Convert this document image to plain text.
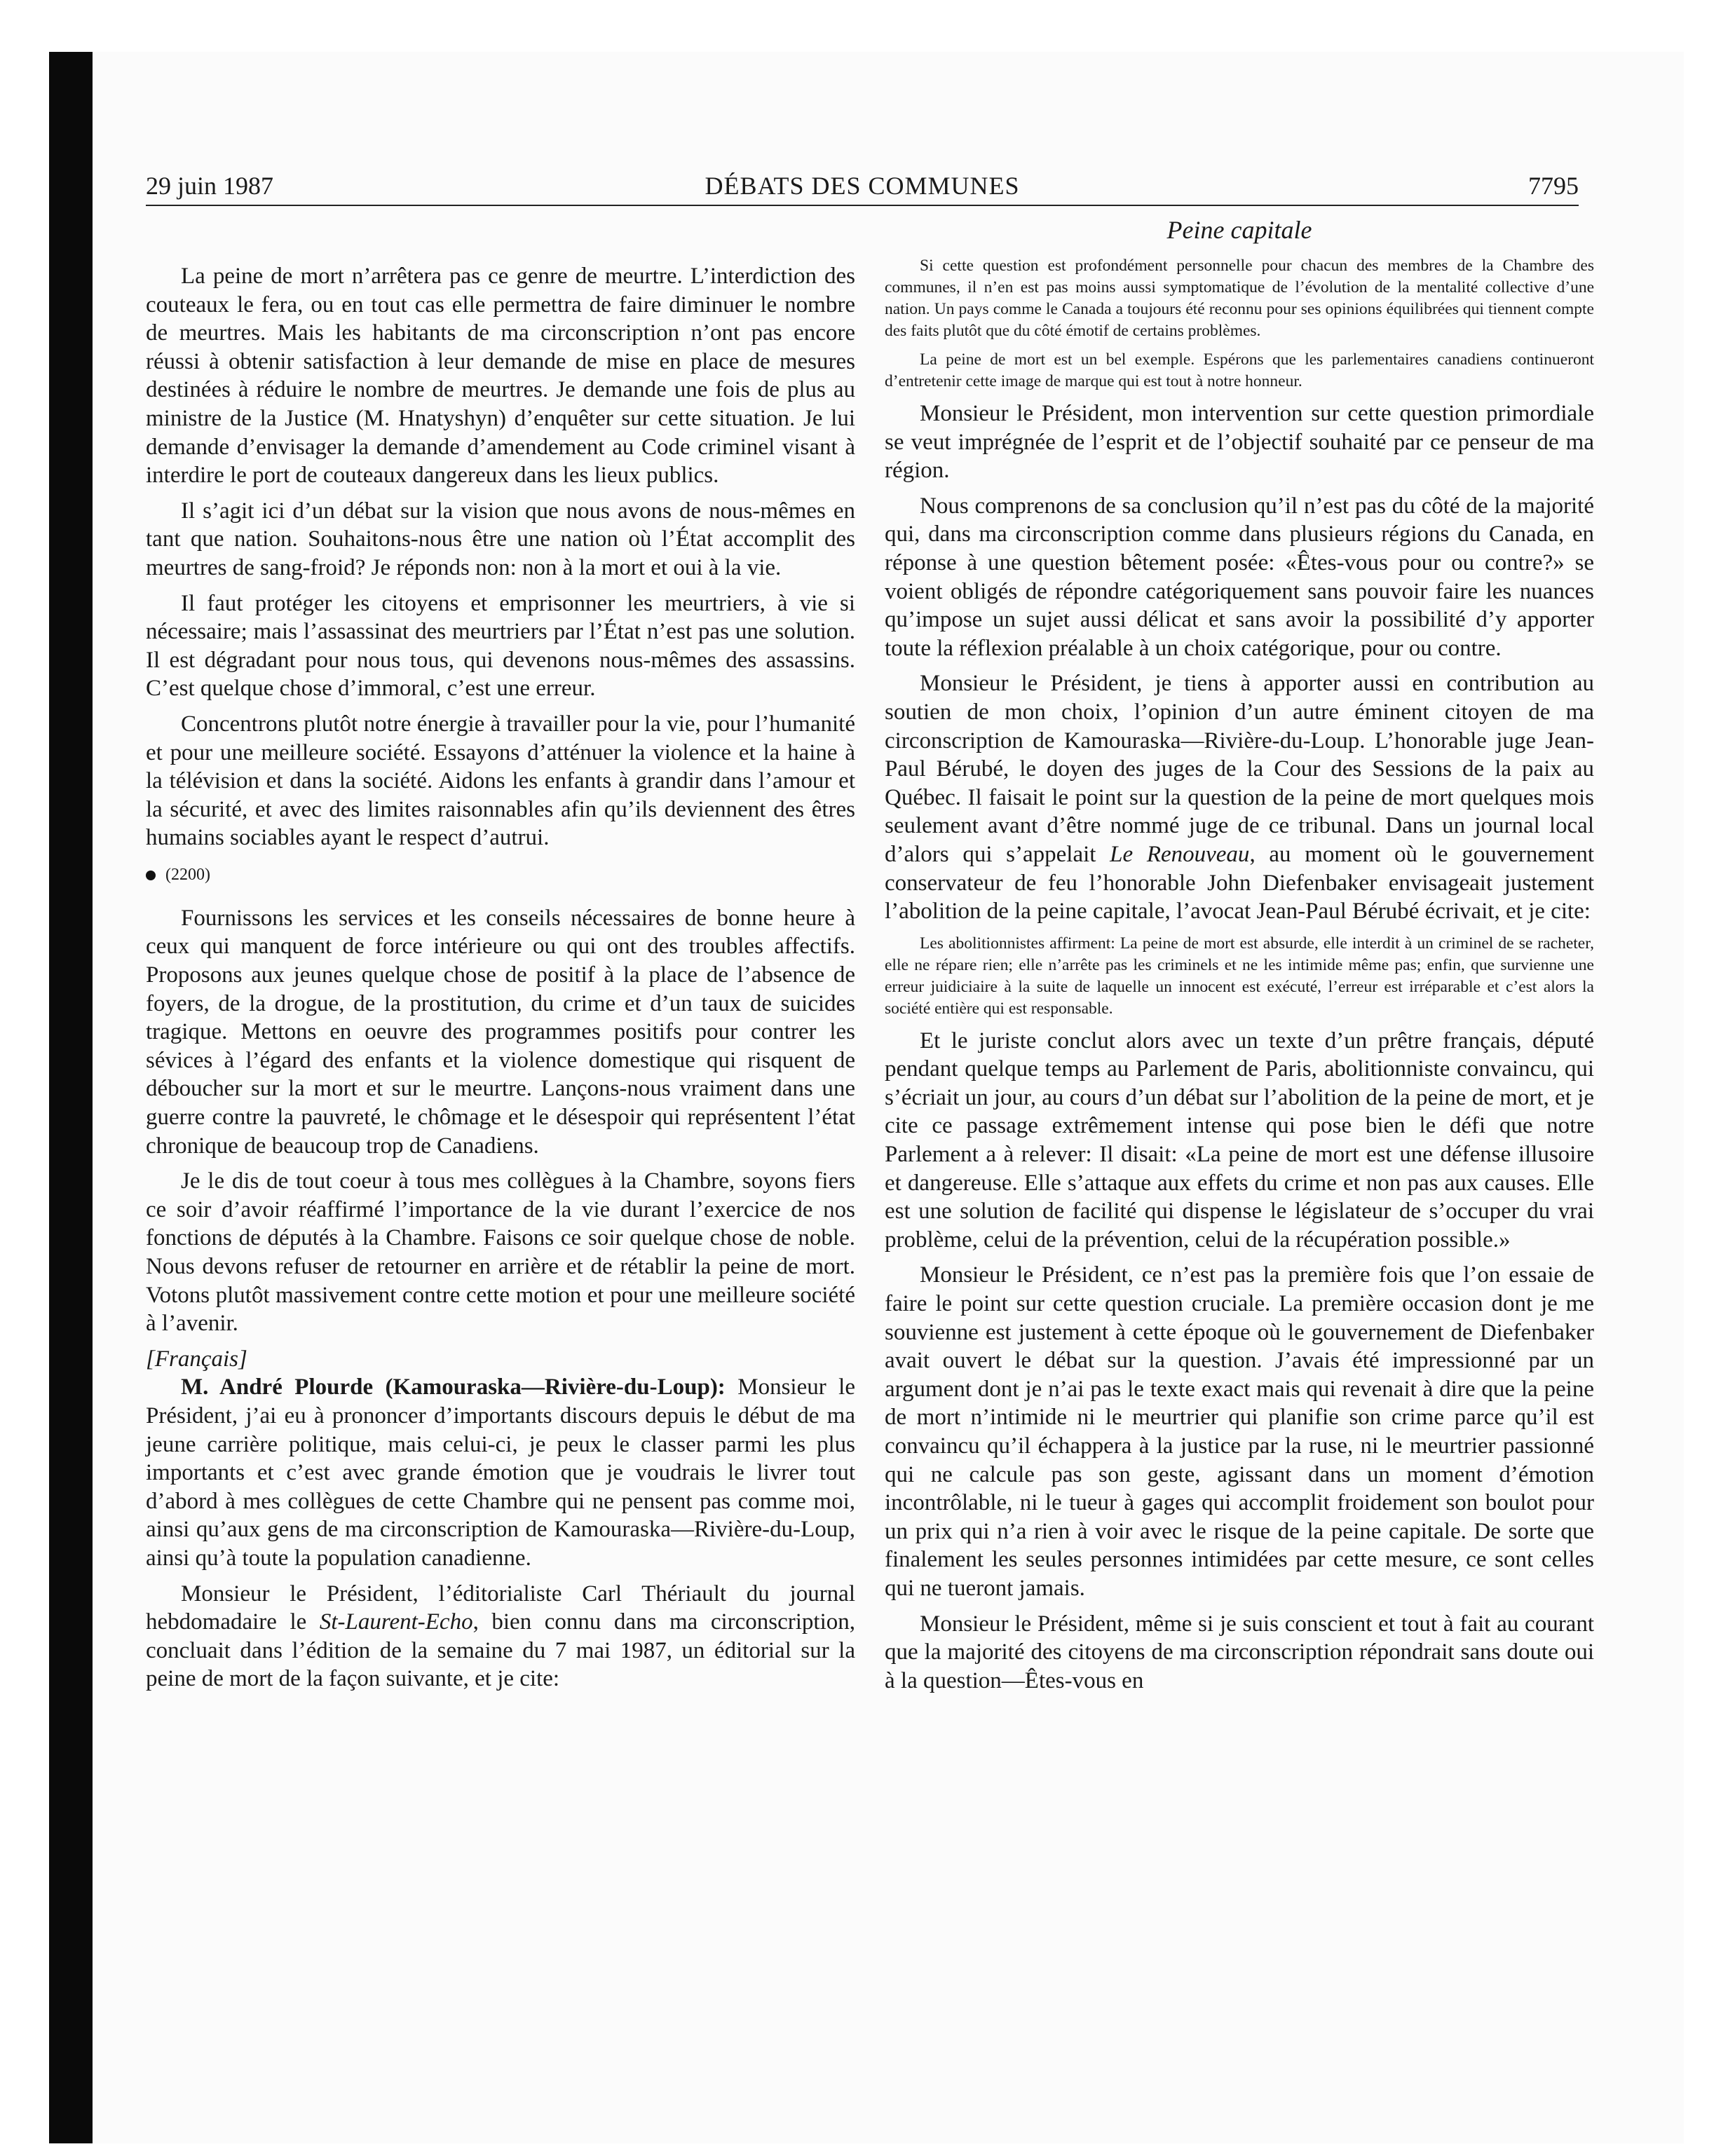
29 juin 1987	DÉBATS DES COMMUNES	7795

La peine de mort n’arrêtera pas ce genre de meurtre. L’interdiction des couteaux le fera, ou en tout cas elle permettra de faire diminuer le nombre de meurtres. Mais les habitants de ma circonscription n’ont pas encore réussi à obtenir satisfaction à leur demande de mise en place de mesures destinées à réduire le nombre de meurtres. Je demande une fois de plus au ministre de la Justice (M. Hnatyshyn) d’enquêter sur cette situation. Je lui demande d’envisager la demande d’amendement au Code criminel visant à interdire le port de couteaux dangereux dans les lieux publics.

Il s’agit ici d’un débat sur la vision que nous avons de nous-mêmes en tant que nation. Souhaitons-nous être une nation où l’État accomplit des meurtres de sang-froid? Je réponds non: non à la mort et oui à la vie.

Il faut protéger les citoyens et emprisonner les meurtriers, à vie si nécessaire; mais l’assassinat des meurtriers par l’État n’est pas une solution. Il est dégradant pour nous tous, qui devenons nous-mêmes des assassins. C’est quelque chose d’immoral, c’est une erreur.

Concentrons plutôt notre énergie à travailler pour la vie, pour l’humanité et pour une meilleure société. Essayons d’atténuer la violence et la haine à la télévision et dans la société. Aidons les enfants à grandir dans l’amour et la sécurité, et avec des limites raisonnables afin qu’ils deviennent des êtres humains sociables ayant le respect d’autrui.

(2200)

Fournissons les services et les conseils nécessaires de bonne heure à ceux qui manquent de force intérieure ou qui ont des troubles affectifs. Proposons aux jeunes quelque chose de positif à la place de l’absence de foyers, de la drogue, de la prostitution, du crime et d’un taux de suicides tragique. Mettons en oeuvre des programmes positifs pour contrer les sévices à l’égard des enfants et la violence domestique qui risquent de déboucher sur la mort et sur le meurtre. Lançons-nous vraiment dans une guerre contre la pauvreté, le chômage et le désespoir qui représentent l’état chronique de beaucoup trop de Canadiens.

Je le dis de tout coeur à tous mes collègues à la Chambre, soyons fiers ce soir d’avoir réaffirmé l’importance de la vie durant l’exercice de nos fonctions de députés à la Chambre. Faisons ce soir quelque chose de noble. Nous devons refuser de retourner en arrière et de rétablir la peine de mort. Votons plutôt massivement contre cette motion et pour une meilleure société à l’avenir.

[Français]

M. André Plourde (Kamouraska—Rivière-du-Loup): Monsieur le Président, j’ai eu à prononcer d’importants discours depuis le début de ma jeune carrière politique, mais celui-ci, je peux le classer parmi les plus importants et c’est avec grande émotion que je voudrais le livrer tout d’abord à mes collègues de cette Chambre qui ne pensent pas comme moi, ainsi qu’aux gens de ma circonscription de Kamouraska—Rivière-du-Loup, ainsi qu’à toute la population canadienne.

Monsieur le Président, l’éditorialiste Carl Thériault du journal hebdomadaire le St-Laurent-Echo, bien connu dans ma circonscription, concluait dans l’édition de la semaine du 7 mai 1987, un éditorial sur la peine de mort de la façon suivante, et je cite:

Peine capitale

Si cette question est profondément personnelle pour chacun des membres de la Chambre des communes, il n’en est pas moins aussi symptomatique de l’évolution de la mentalité collective d’une nation. Un pays comme le Canada a toujours été reconnu pour ses opinions équilibrées qui tiennent compte des faits plutôt que du côté émotif de certains problèmes.

La peine de mort est un bel exemple. Espérons que les parlementaires canadiens continueront d’entretenir cette image de marque qui est tout à notre honneur.

Monsieur le Président, mon intervention sur cette question primordiale se veut imprégnée de l’esprit et de l’objectif souhaité par ce penseur de ma région.

Nous comprenons de sa conclusion qu’il n’est pas du côté de la majorité qui, dans ma circonscription comme dans plusieurs régions du Canada, en réponse à une question bêtement posée: «Êtes-vous pour ou contre?» se voient obligés de répondre catégoriquement sans pouvoir faire les nuances qu’impose un sujet aussi délicat et sans avoir la possibilité d’y apporter toute la réflexion préalable à un choix catégorique, pour ou contre.

Monsieur le Président, je tiens à apporter aussi en contribution au soutien de mon choix, l’opinion d’un autre éminent citoyen de ma circonscription de Kamouraska—Rivière-du-Loup. L’honorable juge Jean-Paul Bérubé, le doyen des juges de la Cour des Sessions de la paix au Québec. Il faisait le point sur la question de la peine de mort quelques mois seulement avant d’être nommé juge de ce tribunal. Dans un journal local d’alors qui s’appelait Le Renouveau, au moment où le gouvernement conservateur de feu l’honorable John Diefenbaker envisageait justement l’abolition de la peine capitale, l’avocat Jean-Paul Bérubé écrivait, et je cite:

Les abolitionnistes affirment: La peine de mort est absurde, elle interdit à un criminel de se racheter, elle ne répare rien; elle n’arrête pas les criminels et ne les intimide même pas; enfin, que survienne une erreur juidiciaire à la suite de laquelle un innocent est exécuté, l’erreur est irréparable et c’est alors la société entière qui est responsable.

Et le juriste conclut alors avec un texte d’un prêtre français, député pendant quelque temps au Parlement de Paris, abolitionniste convaincu, qui s’écriait un jour, au cours d’un débat sur l’abolition de la peine de mort, et je cite ce passage extrêmement intense qui pose bien le défi que notre Parlement a à relever: Il disait: «La peine de mort est une défense illusoire et dangereuse. Elle s’attaque aux effets du crime et non pas aux causes. Elle est une solution de facilité qui dispense le législateur de s’occuper du vrai problème, celui de la prévention, celui de la récupération possible.»

Monsieur le Président, ce n’est pas la première fois que l’on essaie de faire le point sur cette question cruciale. La première occasion dont je me souvienne est justement à cette époque où le gouvernement de Diefenbaker avait ouvert le débat sur la question. J’avais été impressionné par un argument dont je n’ai pas le texte exact mais qui revenait à dire que la peine de mort n’intimide ni le meurtrier qui planifie son crime parce qu’il est convaincu qu’il échappera à la justice par la ruse, ni le meurtrier passionné qui ne calcule pas son geste, agissant dans un moment d’émotion incontrôlable, ni le tueur à gages qui accomplit froidement son boulot pour un prix qui n’a rien à voir avec le risque de la peine capitale. De sorte que finalement les seules personnes intimidées par cette mesure, ce sont celles qui ne tueront jamais.

Monsieur le Président, même si je suis conscient et tout à fait au courant que la majorité des citoyens de ma circonscription répondrait sans doute oui à la question—Êtes-vous en
